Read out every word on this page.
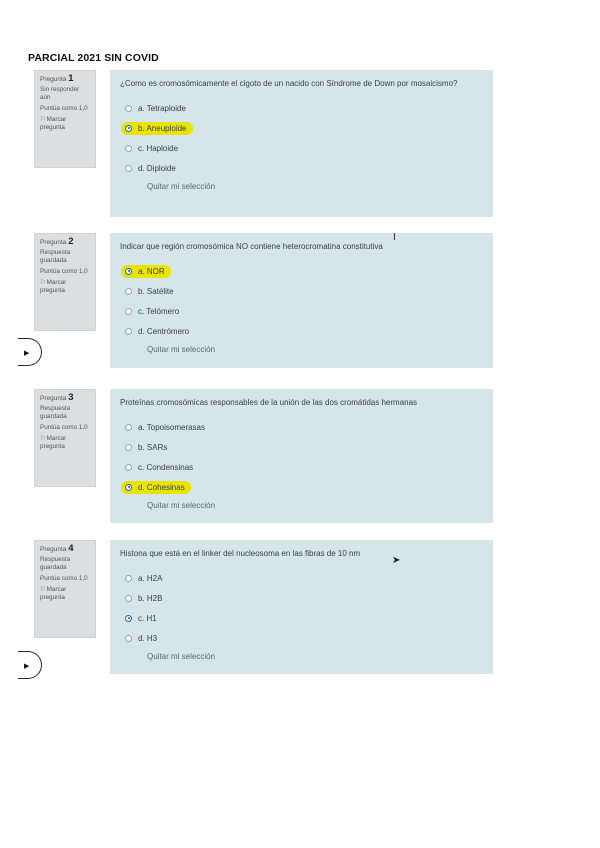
PARCIAL 2021 SIN COVID
Pregunta 1
Sin responder aún
Puntúa como 1,0
⚐Marcar pregunta
¿Como es cromosómicamente el cigoto de un nacido con Síndrome de Down por mosaicismo?
a. Tetraploide
b. Aneuploide
c. Haploide
d. Diploide
Quitar mi selección
Pregunta 2
Respuesta guardada
Puntúa como 1,0
⚐Marcar pregunta
Indicar que región cromosómica NO contiene heterocromatina constitutiva
a. NOR
b. Satélite
c. Telómero
d. Centrómero
Quitar mi selección
▶
Pregunta 3
Respuesta guardada
Puntúa como 1,0
⚐Marcar pregunta
Proteínas cromosómicas responsables de la unión de las dos cromátidas hermanas
a. Topoisomerasas
b. SARs
c. Condensinas
d. Cohesinas
Quitar mi selección
Pregunta 4
Respuesta guardada
Puntúa como 1,0
⚐Marcar pregunta
Histona que está en el linker del nucleosoma en las fibras de 10 nm
a. H2A
b. H2B
c. H1
d. H3
Quitar mi selección
▶
I
➤
